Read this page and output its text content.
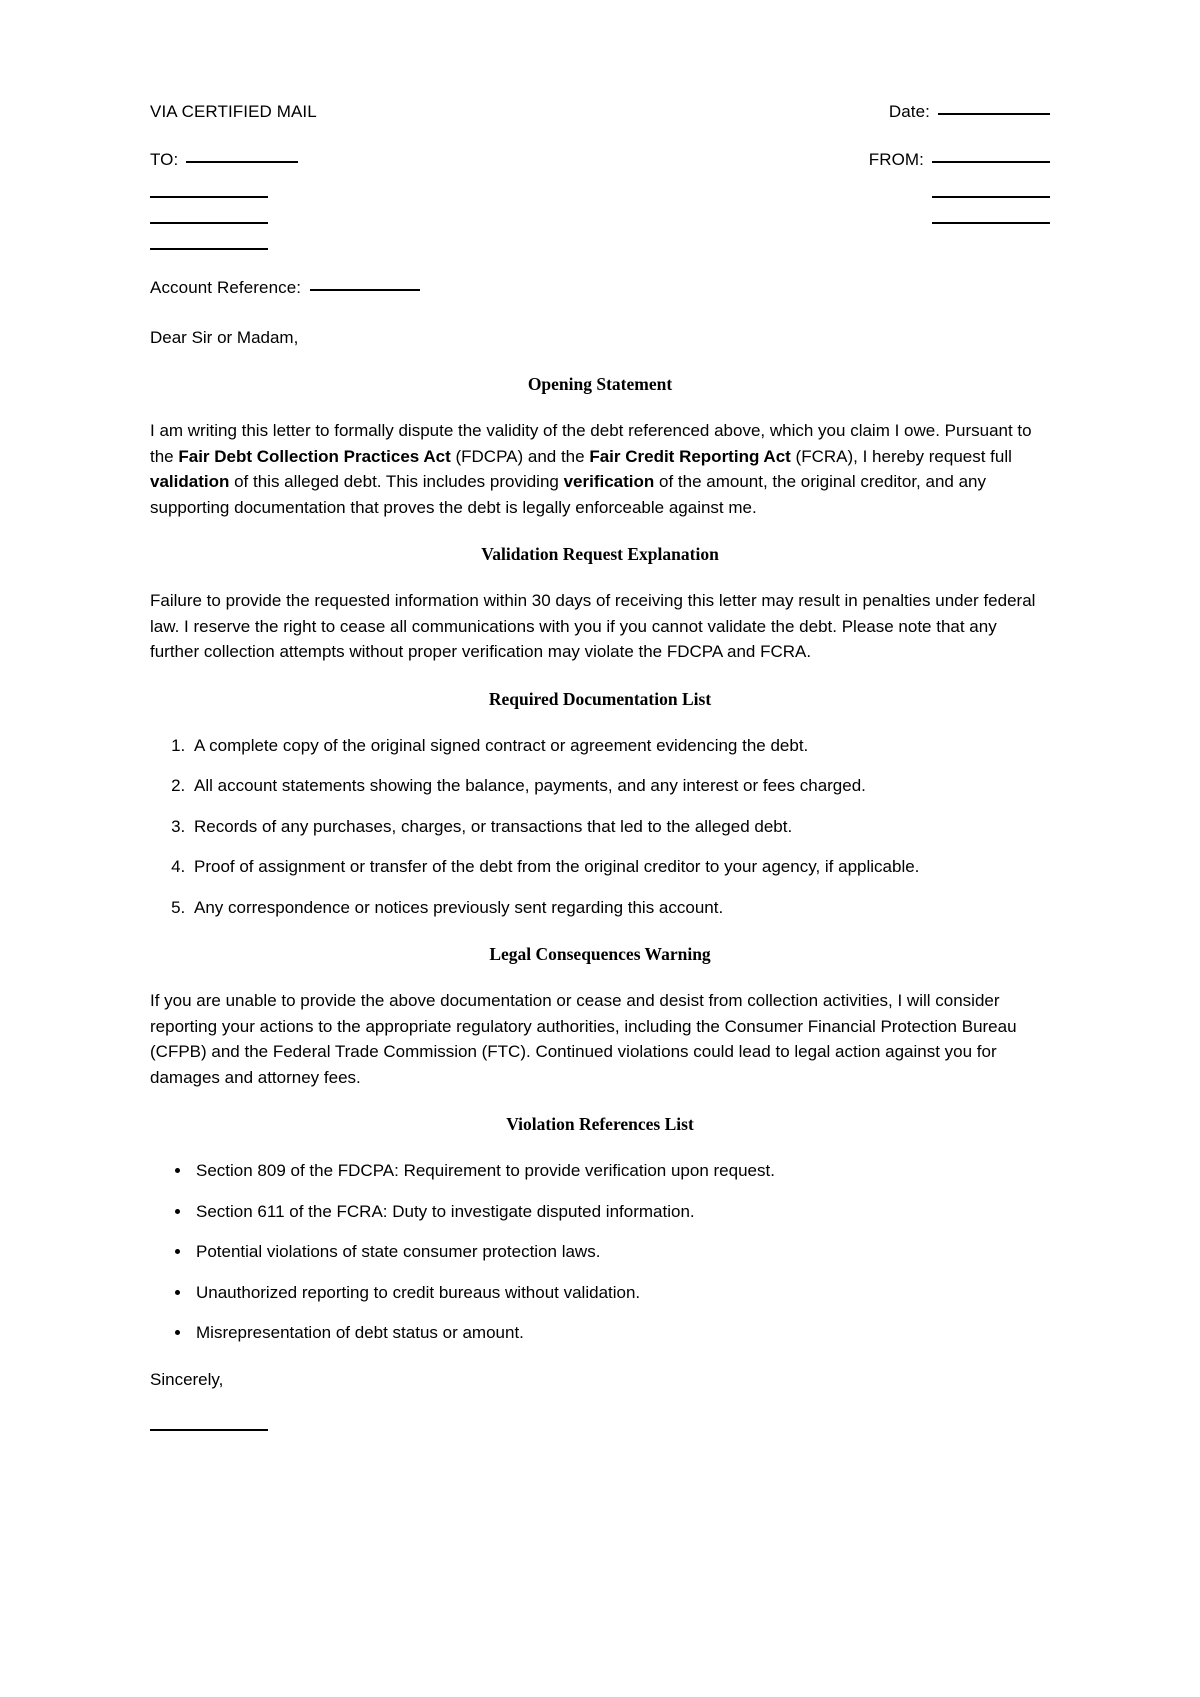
VIA CERTIFIED MAIL	Date:
TO:	FROM:
Account Reference:
Dear Sir or Madam,
Opening Statement

I am writing this letter to formally dispute the validity of the debt referenced above, which you claim I owe. Pursuant to the Fair Debt Collection Practices Act (FDCPA) and the Fair Credit Reporting Act (FCRA), I hereby request full validation of this alleged debt. This includes providing verification of the amount, the original creditor, and any supporting documentation that proves the debt is legally enforceable against me.

Validation Request Explanation

Failure to provide the requested information within 30 days of receiving this letter may result in penalties under federal law. I reserve the right to cease all communications with you if you cannot validate the debt. Please note that any further collection attempts without proper verification may violate the FDCPA and FCRA.

Required Documentation List
1. A complete copy of the original signed contract or agreement evidencing the debt.
2. All account statements showing the balance, payments, and any interest or fees charged.
3. Records of any purchases, charges, or transactions that led to the alleged debt.
4. Proof of assignment or transfer of the debt from the original creditor to your agency, if applicable.
5. Any correspondence or notices previously sent regarding this account.
Legal Consequences Warning

If you are unable to provide the above documentation or cease and desist from collection activities, I will consider reporting your actions to the appropriate regulatory authorities, including the Consumer Financial Protection Bureau (CFPB) and the Federal Trade Commission (FTC). Continued violations could lead to legal action against you for damages and attorney fees.

Violation References List
• Section 809 of the FDCPA: Requirement to provide verification upon request.
• Section 611 of the FCRA: Duty to investigate disputed information.
• Potential violations of state consumer protection laws.
• Unauthorized reporting to credit bureaus without validation.
• Misrepresentation of debt status or amount.
Sincerely,
